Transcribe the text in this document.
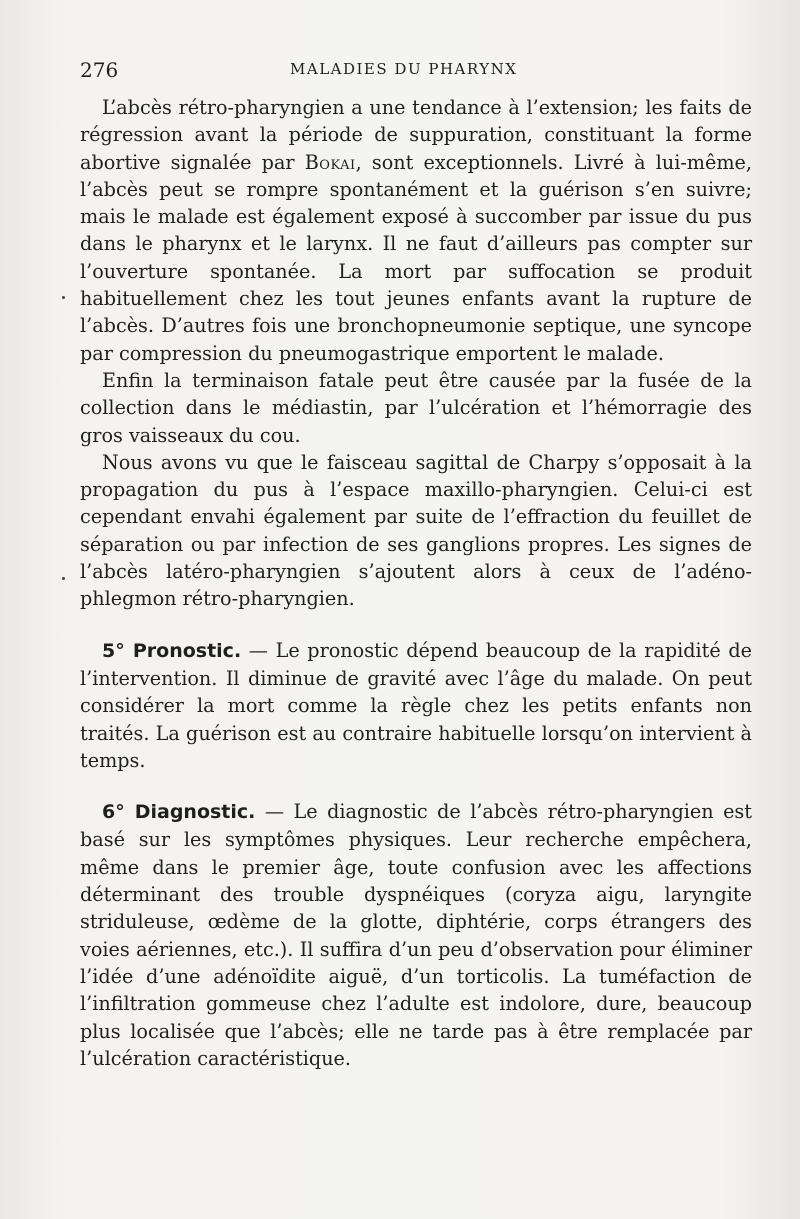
276	MALADIES DU PHARYNX

L’abcès rétro-pharyngien a une tendance à l’extension; les faits de régression avant la période de suppuration, constituant la forme abortive signalée par Bokai, sont exceptionnels. Livré à lui-même, l’abcès peut se rompre spontanément et la guérison s’en suivre; mais le malade est également exposé à succomber par issue du pus dans le pharynx et le larynx. Il ne faut d’ailleurs pas compter sur l’ouverture spontanée. La mort par suffocation se produit habituellement chez les tout jeunes enfants avant la rupture de l’abcès. D’autres fois une bronchopneumonie septique, une syncope par compression du pneumogastrique emportent le malade.

Enfin la terminaison fatale peut être causée par la fusée de la collection dans le médiastin, par l’ulcération et l’hémorragie des gros vaisseaux du cou.

Nous avons vu que le faisceau sagittal de Charpy s’opposait à la propagation du pus à l’espace maxillo-pharyngien. Celui-ci est cependant envahi également par suite de l’effraction du feuillet de séparation ou par infection de ses ganglions propres. Les signes de l’abcès latéro-pharyngien s’ajoutent alors à ceux de l’adéno-phlegmon rétro-pharyngien.

5° Pronostic. — Le pronostic dépend beaucoup de la rapidité de l’intervention. Il diminue de gravité avec l’âge du malade. On peut considérer la mort comme la règle chez les petits enfants non traités. La guérison est au contraire habituelle lorsqu’on intervient à temps.

6° Diagnostic. — Le diagnostic de l’abcès rétro-pharyngien est basé sur les symptômes physiques. Leur recherche empêchera, même dans le premier âge, toute confusion avec les affections déterminant des trouble dyspnéiques (coryza aigu, laryngite striduleuse, œdème de la glotte, diphtérie, corps étrangers des voies aériennes, etc.). Il suffira d’un peu d’observation pour éliminer l’idée d’une adénoïdite aiguë, d’un torticolis. La tuméfaction de l’infiltration gommeuse chez l’adulte est indolore, dure, beaucoup plus localisée que l’abcès; elle ne tarde pas à être remplacée par l’ulcération caractéristique.
